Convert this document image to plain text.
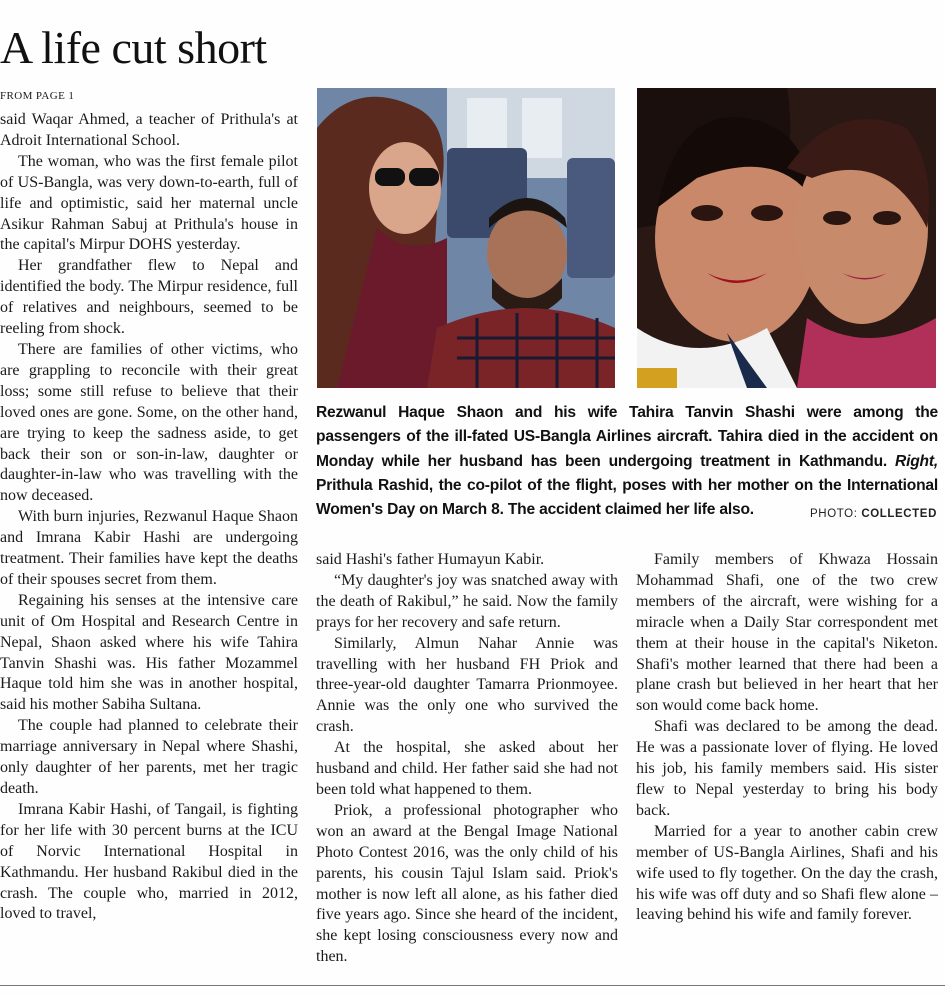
A life cut short
FROM PAGE 1

said Waqar Ahmed, a teacher of Prithula's at Adroit International School.

The woman, who was the first female pilot of US-Bangla, was very down-to-earth, full of life and optimistic, said her maternal uncle Asikur Rahman Sabuj at Prithula's house in the capital's Mirpur DOHS yesterday.

Her grandfather flew to Nepal and identified the body. The Mirpur residence, full of relatives and neighbours, seemed to be reeling from shock.

There are families of other victims, who are grappling to reconcile with their great loss; some still refuse to believe that their loved ones are gone. Some, on the other hand, are trying to keep the sadness aside, to get back their son or son-in-law, daughter or daughter-in-law who was travelling with the now deceased.

With burn injuries, Rezwanul Haque Shaon and Imrana Kabir Hashi are undergoing treatment. Their families have kept the deaths of their spouses secret from them.

Regaining his senses at the intensive care unit of Om Hospital and Research Centre in Nepal, Shaon asked where his wife Tahira Tanvin Shashi was. His father Mozammel Haque told him she was in another hospital, said his mother Sabiha Sultana.

The couple had planned to celebrate their marriage anniversary in Nepal where Shashi, only daughter of her parents, met her tragic death.

Imrana Kabir Hashi, of Tangail, is fighting for her life with 30 percent burns at the ICU of Norvic International Hospital in Kathmandu. Her husband Rakibul died in the crash. The couple who, married in 2012, loved to travel,

Rezwanul Haque Shaon and his wife Tahira Tanvin Shashi were among the passengers of the ill-fated US-Bangla Airlines aircraft. Tahira died in the accident on Monday while her husband has been undergoing treatment in Kathmandu. Right, Prithula Rashid, the co-pilot of the flight, poses with her mother on the International Women's Day on March 8. The accident claimed her life also.	PHOTO: COLLECTED

said Hashi's father Humayun Kabir.

“My daughter's joy was snatched away with the death of Rakibul,” he said. Now the family prays for her recovery and safe return.

Similarly, Almun Nahar Annie was travelling with her husband FH Priok and three-year-old daughter Tamarra Prionmoyee. Annie was the only one who survived the crash.

At the hospital, she asked about her husband and child. Her father said she had not been told what happened to them.

Priok, a professional photographer who won an award at the Bengal Image National Photo Contest 2016, was the only child of his parents, his cousin Tajul Islam said. Priok's mother is now left all alone, as his father died five years ago. Since she heard of the incident, she kept losing consciousness every now and then.

Family members of Khwaza Hossain Mohammad Shafi, one of the two crew members of the aircraft, were wishing for a miracle when a Daily Star correspondent met them at their house in the capital's Niketon. Shafi's mother learned that there had been a plane crash but believed in her heart that her son would come back home.

Shafi was declared to be among the dead. He was a passionate lover of flying. He loved his job, his family members said. His sister flew to Nepal yesterday to bring his body back.

Married for a year to another cabin crew member of US-Bangla Airlines, Shafi and his wife used to fly together. On the day the crash, his wife was off duty and so Shafi flew alone – leaving behind his wife and family forever.
